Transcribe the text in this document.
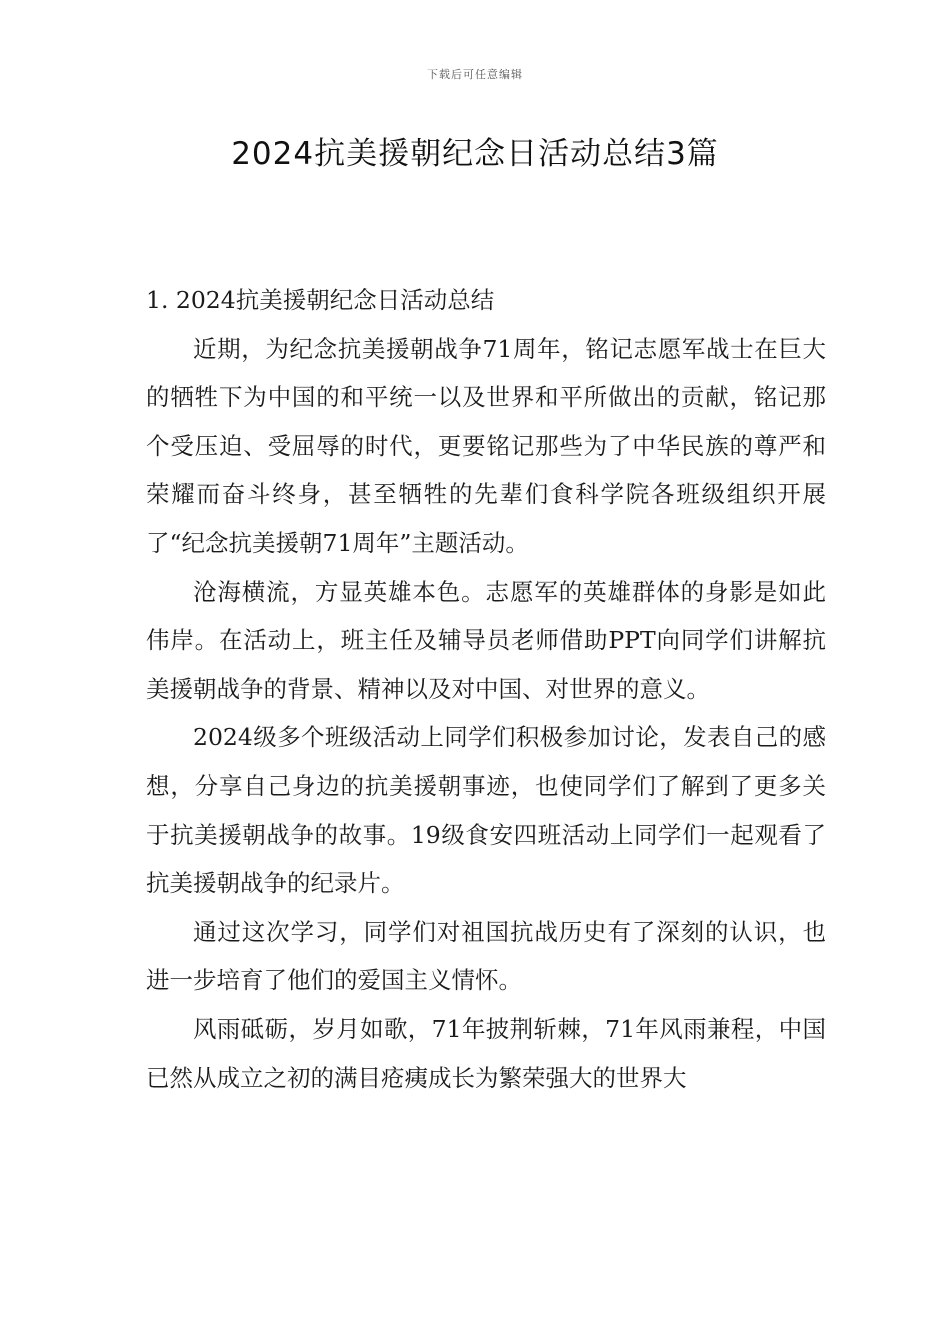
下载后可任意编辑
2024抗美援朝纪念日活动总结3篇
1. 2024抗美援朝纪念日活动总结

近期，为纪念抗美援朝战争71周年，铭记志愿军战士在巨大的牺牲下为中国的和平统一以及世界和平所做出的贡献，铭记那个受压迫、受屈辱的时代，更要铭记那些为了中华民族的尊严和荣耀而奋斗终身，甚至牺牲的先辈们食科学院各班级组织开展了“纪念抗美援朝71周年”主题活动。

沧海横流，方显英雄本色。志愿军的英雄群体的身影是如此伟岸。在活动上，班主任及辅导员老师借助PPT向同学们讲解抗美援朝战争的背景、精神以及对中国、对世界的意义。

2024级多个班级活动上同学们积极参加讨论，发表自己的感想，分享自己身边的抗美援朝事迹，也使同学们了解到了更多关于抗美援朝战争的故事。19级食安四班活动上同学们一起观看了抗美援朝战争的纪录片。

通过这次学习，同学们对祖国抗战历史有了深刻的认识，也进一步培育了他们的爱国主义情怀。

风雨砥砺，岁月如歌，71年披荆斩棘，71年风雨兼程，中国已然从成立之初的满目疮痍成长为繁荣强大的世界大
